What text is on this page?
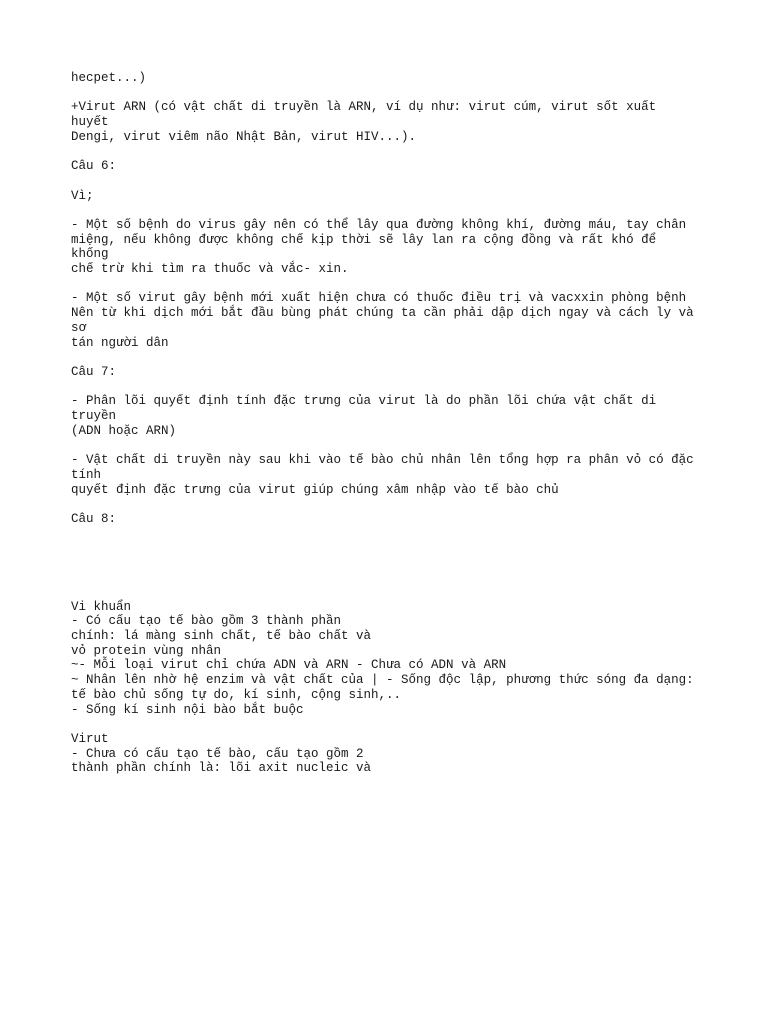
hecpet...)

+Virut ARN (có vật chất di truyền là ARN, ví dụ như: virut cúm, virut sốt xuất
huyết
Dengi, virut viêm não Nhật Bản, virut HIV...).

Câu 6:

Vì;

- Một số bệnh do virus gây nên có thể lây qua đường không khí, đường máu, tay chân
miệng, nếu không được không chế kịp thời sẽ lây lan ra cộng đồng và rất khó để
khống
chế trừ khi tìm ra thuốc và vắc- xin.

- Một số virut gây bệnh mới xuất hiện chưa có thuốc điều trị và vacxxin phòng bệnh
Nên từ khi dịch mới bắt đầu bùng phát chúng ta cần phải dập dịch ngay và cách ly và
sơ
tán người dân

Câu 7:

- Phân lõi quyết định tính đặc trưng của virut là do phần lõi chứa vật chất di
truyền
(ADN hoặc ARN)

- Vật chất di truyền này sau khi vào tế bào chủ nhân lên tổng hợp ra phân vỏ có đặc
tính
quyết định đặc trưng của virut giúp chúng xâm nhập vào tế bào chủ

Câu 8:

Vi khuẩn
- Có cấu tạo tế bào gồm 3 thành phần
chính: lá màng sinh chất, tế bào chất và
vỏ protein vùng nhân
~- Mỗi loại virut chỉ chứa ADN và ARN - Chưa có ADN và ARN
~ Nhân lên nhờ hệ enzim và vật chất của | - Sống độc lập, phương thức sóng đa dạng:
tế bào chủ sống tự do, kí sinh, cộng sinh,..
- Sống kí sinh nội bào bắt buộc

Virut
- Chưa có cấu tạo tế bào, cấu tạo gồm 2
thành phần chính là: lõi axit nucleic và
